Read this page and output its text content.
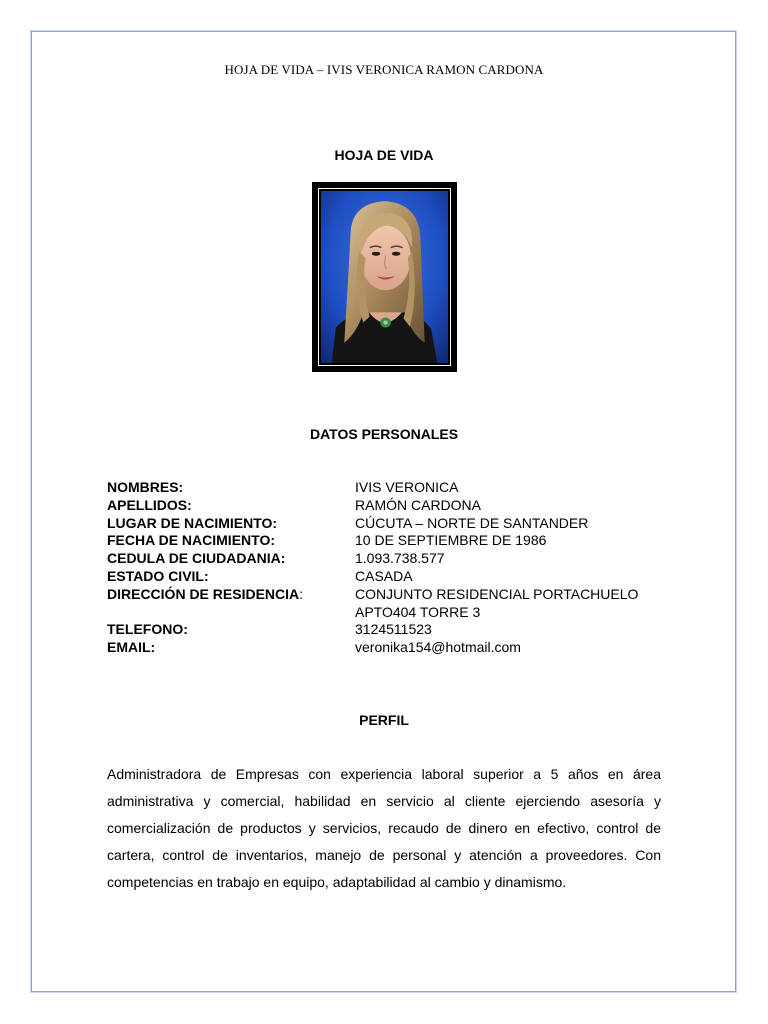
HOJA DE VIDA – IVIS VERONICA RAMON CARDONA
HOJA DE VIDA
DATOS PERSONALES
NOMBRES:	IVIS VERONICA
APELLIDOS:	RAMÓN CARDONA
LUGAR DE NACIMIENTO:	CÚCUTA – NORTE DE SANTANDER
FECHA DE NACIMIENTO:	10 DE SEPTIEMBRE DE 1986
CEDULA DE CIUDADANIA:	1.093.738.577
ESTADO CIVIL:	CASADA
DIRECCIÓN DE RESIDENCIA:	CONJUNTO RESIDENCIAL PORTACHUELO
APTO404 TORRE 3
TELEFONO:	3124511523
EMAIL:	veronika154@hotmail.com
PERFIL
Administradora de Empresas con experiencia laboral superior a 5 años en área administrativa y comercial, habilidad en servicio al cliente ejerciendo asesoría y comercialización de productos y servicios, recaudo de dinero en efectivo, control de cartera, control de inventarios, manejo de personal y atención a proveedores. Con competencias en trabajo en equipo, adaptabilidad al cambio y dinamismo.
